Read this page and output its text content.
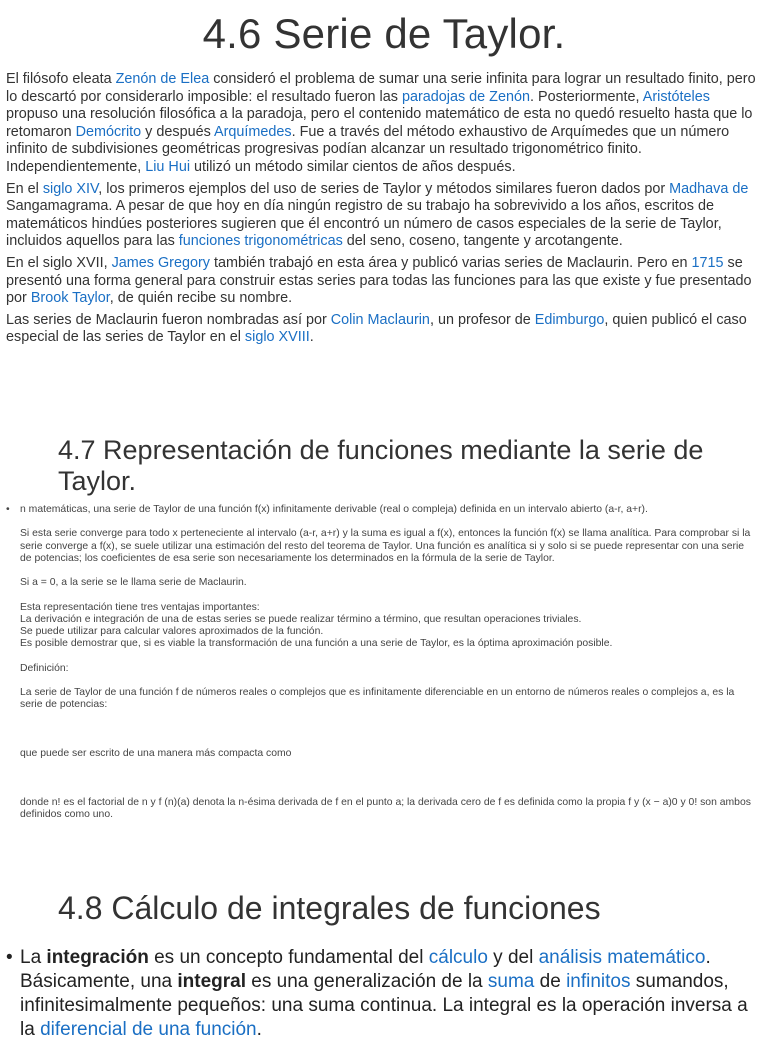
4.6 Serie de Taylor.

El filósofo eleata Zenón de Elea consideró el problema de sumar una serie infinita para lograr un resultado finito, pero lo descartó por considerarlo imposible: el resultado fueron las paradojas de Zenón. Posteriormente, Aristóteles propuso una resolución filosófica a la paradoja, pero el contenido matemático de esta no quedó resuelto hasta que lo retomaron Demócrito y después Arquímedes. Fue a través del método exhaustivo de Arquímedes que un número infinito de subdivisiones geométricas progresivas podían alcanzar un resultado trigonométrico finito. Independientemente, Liu Hui utilizó un método similar cientos de años después.

En el siglo XIV, los primeros ejemplos del uso de series de Taylor y métodos similares fueron dados por Madhava de Sangamagrama. A pesar de que hoy en día ningún registro de su trabajo ha sobrevivido a los años, escritos de matemáticos hindúes posteriores sugieren que él encontró un número de casos especiales de la serie de Taylor, incluidos aquellos para las funciones trigonométricas del seno, coseno, tangente y arcotangente.

En el siglo XVII, James Gregory también trabajó en esta área y publicó varias series de Maclaurin. Pero en 1715 se presentó una forma general para construir estas series para todas las funciones para las que existe y fue presentado por Brook Taylor, de quién recibe su nombre.

Las series de Maclaurin fueron nombradas así por Colin Maclaurin, un profesor de Edimburgo, quien publicó el caso especial de las series de Taylor en el siglo XVIII.

4.7 Representación de funciones mediante la serie de Taylor.
• n matemáticas, una serie de Taylor de una función f(x) infinitamente derivable (real o compleja) definida en un intervalo abierto (a-r, a+r).

Si esta serie converge para todo x perteneciente al intervalo (a-r, a+r) y la suma es igual a f(x), entonces la función f(x) se llama analítica. Para comprobar si la serie converge a f(x), se suele utilizar una estimación del resto del teorema de Taylor. Una función es analítica si y solo si se puede representar con una serie de potencias; los coeficientes de esa serie son necesariamente los determinados en la fórmula de la serie de Taylor.

Si a = 0, a la serie se le llama serie de Maclaurin.

Esta representación tiene tres ventajas importantes:

La derivación e integración de una de estas series se puede realizar término a término, que resultan operaciones triviales.

Se puede utilizar para calcular valores aproximados de la función.

Es posible demostrar que, si es viable la transformación de una función a una serie de Taylor, es la óptima aproximación posible.

Definición:

La serie de Taylor de una función f de números reales o complejos que es infinitamente diferenciable en un entorno de números reales o complejos a, es la serie de potencias:

que puede ser escrito de una manera más compacta como

donde n! es el factorial de n y f (n)(a) denota la n-ésima derivada de f en el punto a; la derivada cero de f es definida como la propia f y (x − a)0 y 0! son ambos definidos como uno.

4.8 Cálculo de integrales de funciones
• La integración es un concepto fundamental del cálculo y del análisis matemático. Básicamente, una integral es una generalización de la suma de infinitos sumandos, infinitesimalmente pequeños: una suma continua. La integral es la operación inversa a la diferencial de una función.
